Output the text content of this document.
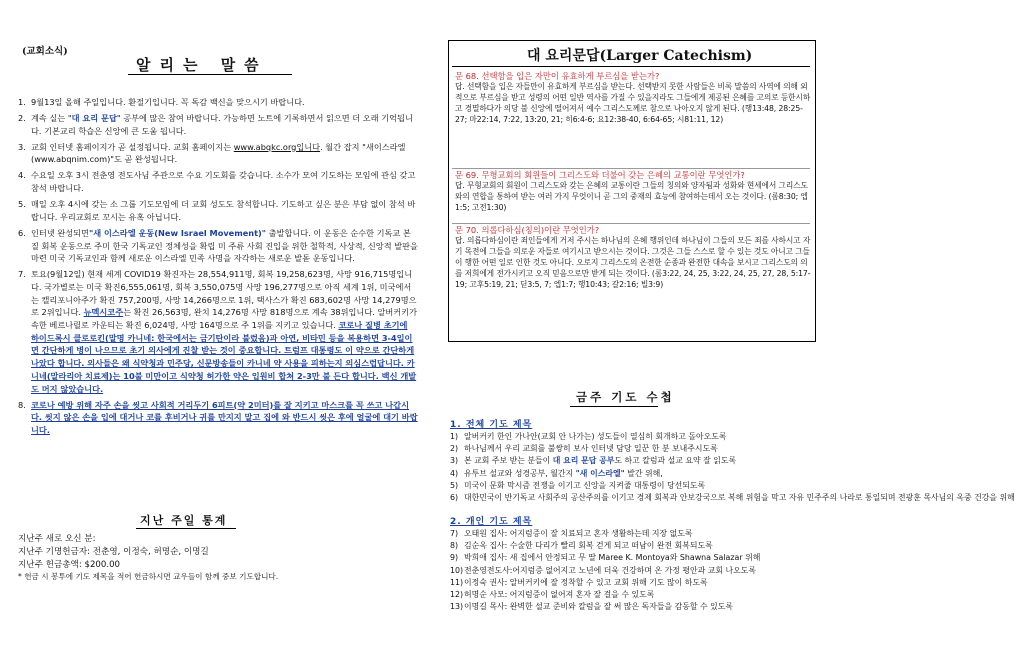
(교회소식)
알리는 말씀
1. 9월13일 올해 주일입니다. 환절기입니다. 꼭 독감 백신을 맞으시기 바랍니다.
2. 계속 실는 "대 요리 문답" 공부에 많은 참여 바랍니다. 가능하면 노트에 기록하면서 읽으면 더 오래 기억됩니다. 기본교리 학습은 신앙에 큰 도움 됩니다.
3. 교회 인터넷 홈페이지가 곧 설정됩니다. 교회 홈페이지는 www.abqkc.org입니다. 월간 잡지 "새이스라엘(www.abqnim.com)"도 곧 완성됩니다.
4. 수요일 오후 3시 전춘영 전도사님 주관으로 수요 기도회를 갖습니다. 소수가 모여 기도하는 모임에 관심 갖고 참석 바랍니다.
5. 매일 오후 4시에 갖는 소 그룹 기도모임에 더 교회 성도도 참석합니다. 기도하고 싶은 분은 부담 없이 참석 바랍니다. 우리교회로 꼬시는 유혹 아닙니다.
6. 인터넷 완성되면"새 이스라엘 운동(New Israel Movement)" 출발합니다. 이 운동은 순수한 기독교 본질 회복 운동으로 주미 한국 기독교인 정체성을 확립 미 주류 사회 진입을 위한 철학적, 사상적, 신앙적 발판을 마련 미국 기독교인과 함께 새로운 이스라엘 민족 사명을 자각하는 새로운 발돋 운동입니다.
7. 토요(9월12일) 현재 세계 COVID19 확진자는 28,554,911명, 회복 19,258,623명, 사망 916,715명입니다. 국가별로는 미국 확진6,555,061명, 회복 3,550,075명 사망 196,277명으로 아직 세계 1위, 미국에서는 캘리포니아주가 확진 757,200명, 사망 14,266명으로 1위, 택사스가 확진 683,602명 사망 14,279명으로 2위입니다. 뉴멕시코주는 확진 26,563명, 완치 14,276명 사망 818명으로 계속 38위입니다. 알버커키가 속한 베르나릴로 카운티는 확진 6,024명, 사망 164명으로 주 1위를 지키고 있습니다. 코로나 질병 초기에 하이드록시 클로로킨(말명 카니네: 한국에서는 금기탄이라 불렀음)과 아연, 비타민 등을 복용하면 3-4일이면 간단하게 병이 나으므로 초기 의사에게 진찰 받는 것이 중요합니다. 트럼프 대통령도 이 약으로 간단하게 나았다 합니다. 의사들은 왜 식약청과 민주당, 신문방송들이 카니네 약 사용을 피하는지 의심스럽답니다. 카니네(말라리아 치료제)는 10불 미만이고 식약청 허가한 약은 입원비 합쳐 2-3만 불 든다 합니다. 백신 개발도 머지 않았습니다.
8. 코로나 예방 위해 자주 손을 씻고 사회적 거리두기 6피트(약 2미터)를 잘 지키고 마스크를 꼭 쓰고 나갑시다. 씻지 않은 손을 입에 대거나 코를 후비거나 귀를 만지지 말고 집에 와 반드시 씻은 후에 얼굴에 대기 바랍니다.
지난 주일 통계
지난주 새로 오신 분:
지난주 기명헌금자: 전춘영, 이정숙, 허명순, 이명길
지난주 헌금총액: $200.00
* 헌금 시 봉투에 기도 제목을 적어 헌금하시면 교우들이 함께 중보 기도합니다.
대 요리문답(Larger Catechism)
문 68. 선택함을 입은 자만이 유효하게 부르심을 받는가?
답. 선택함을 입은 자들만이 유효하게 부르심을 받는다. 선택받지 못한 사람들은 비록 말씀의 사역에 의해 외적으로 부르심을 받고 성령의 어떤 일반 역사를 가질 수 있을지라도 그들에게 제공된 은혜를 고의로 등한시하고 경멸하다가 의당 불 신앙에 떨어져서 예수 그리스도께로 참으로 나아오지 않게 된다. (행13:48, 28:25-27; 마22:14, 7:22, 13:20, 21; 히6:4-6; 요12:38-40, 6:64-65; 시81:11, 12)
문 69. 무형교회의 회원들이 그리스도와 더불어 갖는 은혜의 교통이란 무엇인가?
답. 무형교회의 회원이 그리스도와 갖는 은혜의 교통이란 그들의 칭의와 양자됨과 성화와 현세에서 그리스도와의 연합을 통하여 받는 여러 가지 무엇이니 곧 그의 중재의 효능에 참여하는데서 오는 것이다. (롬8:30; 엡1:5; 고전1:30)
문 70. 의롭다하심(칭의)이란 무엇인가?
답. 의롭다하심이란 죄인들에게 거저 주시는 하나님의 은혜 행위인데 하나님이 그들의 모든 죄를 사하시고 자기 목전에 그들을 의로운 자들로 여기시고 받으시는 것이다. 그것은 그들 스스로 할 수 있는 것도 아니고 그들이 행한 어떤 일로 인한 것도 아니다. 오로지 그리스도의 온전한 순종과 완전한 대속을 보시고 그리스도의 의를 저희에게 전가시키고 오직 믿음으로만 받게 되는 것이다. (롬3:22, 24, 25, 3:22, 24, 25, 27, 28, 5:17-19; 고후5:19, 21; 딛3:5, 7; 엡1:7; 행10:43; 갈2:16; 빌3:9)
금주 기도 수첩
1. 전체 기도 제목
1) 알버커키 한인 가나안(교회 안 나가는) 성도들이 열심히 회개하고 돌아오도록
2) 하나님께서 우리 교회를 불쌍히 보사 인터넷 담당 일꾼 한 분 보내주시도록
3) 본 교회 주보 받는 분들이 대 요리 문답 공부도 하고 칼럼과 설교 요약 잘 읽도록
4) 유투브 설교와 성경공부, 월간지 "새 이스라엘" 발간 위해,
5) 미국이 문화 막시즘 전쟁을 이기고 신앙을 지켜줄 대통령이 당선되도록
6) 대한민국이 반기독교 사회주의 공산주의를 이기고 경제 회복과 안보강국으로 복해 위험을 막고 자유 민주주의 나라로 통일되며 전광훈 목사님의 옥중 건강을 위해
2. 개인 기도 제목
7) 오태원 집사: 어지럼증이 잘 치료되고 혼자 생활하는데 지장 없도록
8) 김순옥 집사: 수술한 다리가 빨리 회복 걷게 되고 떠남이 완전 회복되도록
9) 박희애 집사: 새 집에서 안정되고 무 딸 Maree K. Montoya와 Shawna Salazar 위해
10)전춘영전도사:어지럼증 없어지고 노년에 더욱 건강하며 온 가정 평안과 교회 나오도록
11)이정숙 권사: 알버커키에 잘 정착할 수 있고 교회 위해 기도 많이 하도록
12)허명순 사모: 어지럼증이 없어져 혼자 잘 걸을 수 있도록
13)이명길 목사: 완벽한 설교 준비와 칼럼을 잘 써 많은 독자들을 감동할 수 있도록
